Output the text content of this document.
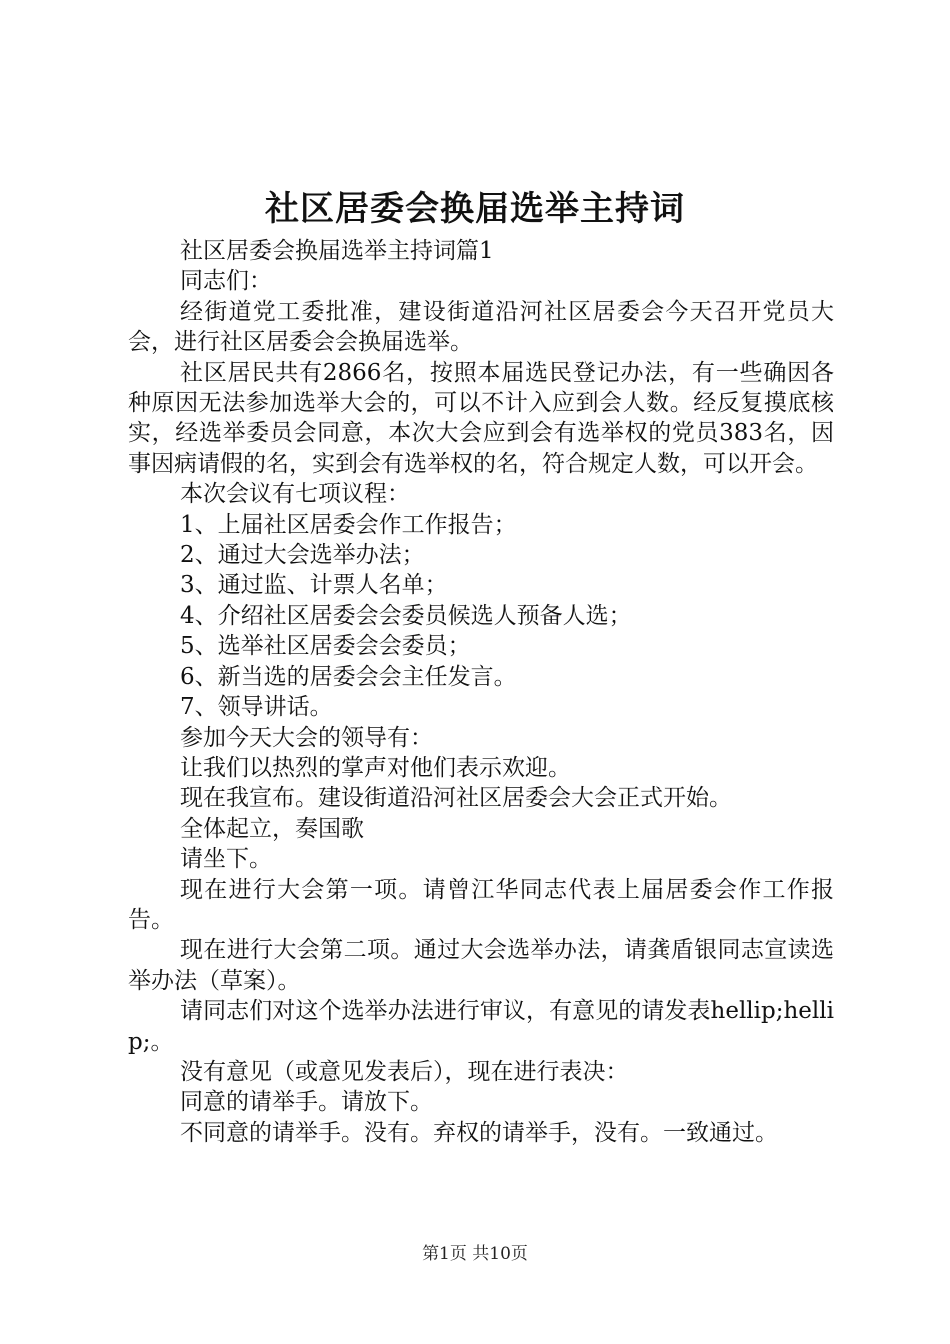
社区居委会换届选举主持词

社区居委会换届选举主持词篇1

同志们：

经街道党工委批准，建设街道沿河社区居委会今天召开党员大会，进行社区居委会会换届选举。

社区居民共有2866名，按照本届选民登记办法，有一些确因各种原因无法参加选举大会的，可以不计入应到会人数。经反复摸底核实，经选举委员会同意，本次大会应到会有选举权的党员383名，因事因病请假的名，实到会有选举权的名，符合规定人数，可以开会。

本次会议有七项议程：

1、上届社区居委会作工作报告；

2、通过大会选举办法；

3、通过监、计票人名单；

4、介绍社区居委会会委员候选人预备人选；

5、选举社区居委会会委员；

6、新当选的居委会会主任发言。

7、领导讲话。

参加今天大会的领导有：

让我们以热烈的掌声对他们表示欢迎。

现在我宣布。建设街道沿河社区居委会大会正式开始。

全体起立，奏国歌

请坐下。

现在进行大会第一项。请曾江华同志代表上届居委会作工作报告。

现在进行大会第二项。通过大会选举办法，请龚盾银同志宣读选举办法（草案）。

请同志们对这个选举办法进行审议，有意见的请发表hellip;hellip;。

没有意见（或意见发表后），现在进行表决：

同意的请举手。请放下。

不同意的请举手。没有。弃权的请举手，没有。一致通过。

第1页 共10页
